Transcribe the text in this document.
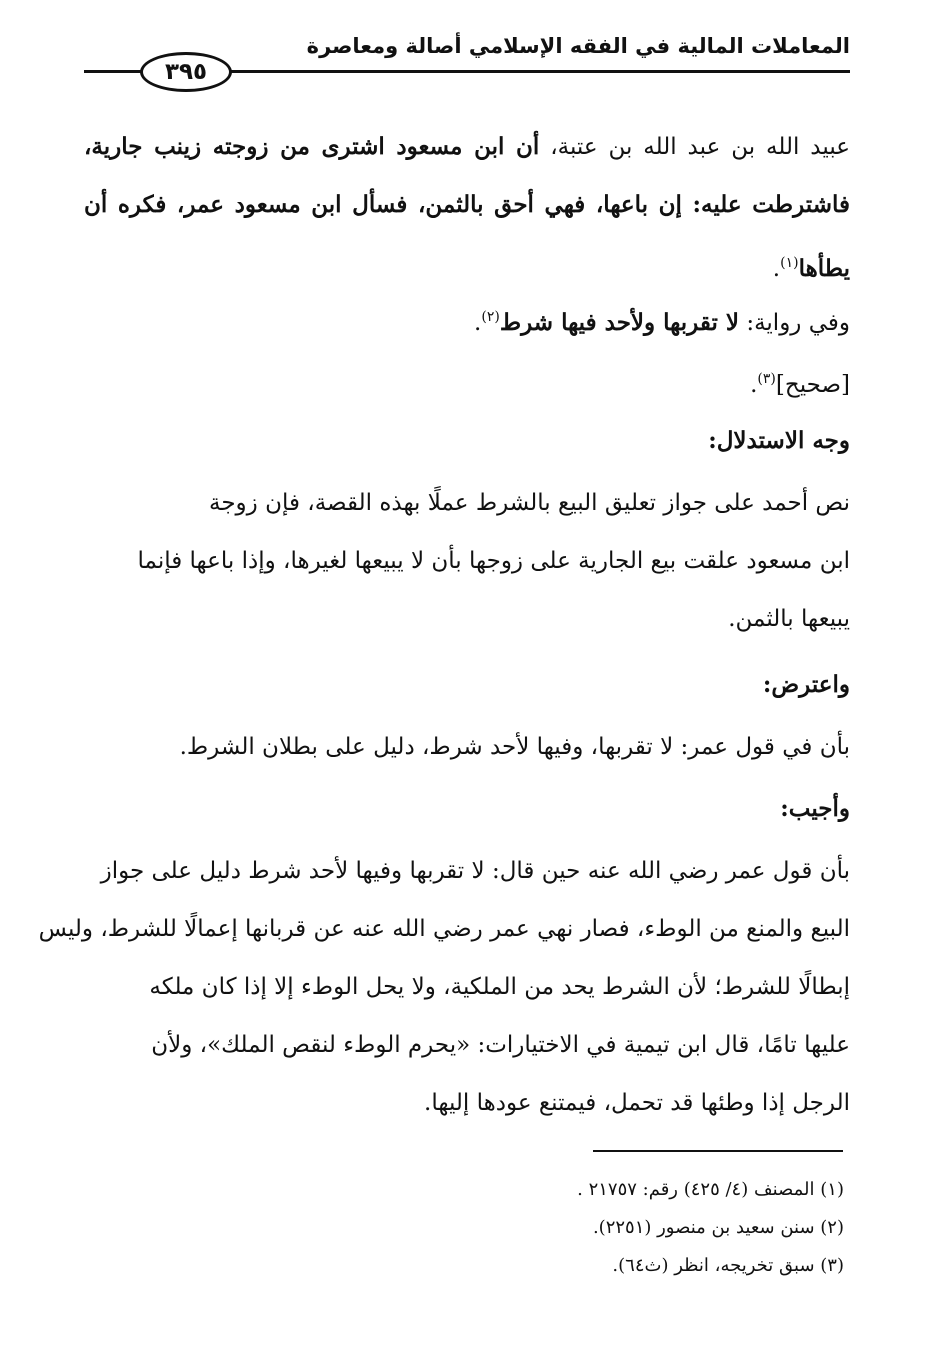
المعاملات المالية في الفقه الإسلامي أصالة ومعاصرة
٣٩٥
عبيد الله بن عبد الله بن عتبة، أن ابن مسعود اشترى من زوجته زينب جارية، فاشترطت عليه: إن باعها، فهي أحق بالثمن، فسأل ابن مسعود عمر، فكره أن يطأها$^{(١)}$.
وفي رواية: لا تقربها ولأحد فيها شرط$^{(٢)}$.
[صحيح]$^{(٣)}$.
وجه الاستدلال:
نص أحمد على جواز تعليق البيع بالشرط عملًا بهذه القصة، فإن زوجة
ابن مسعود علقت بيع الجارية على زوجها بأن لا يبيعها لغيرها، وإذا باعها فإنما
يبيعها بالثمن.
واعترض:
بأن في قول عمر: لا تقربها، وفيها لأحد شرط، دليل على بطلان الشرط.
وأجيب:
بأن قول عمر رضي الله عنه حين قال: لا تقربها وفيها لأحد شرط دليل على جواز
البيع والمنع من الوطء، فصار نهي عمر رضي الله عنه عن قربانها إعمالًا للشرط، وليس
إبطالًا للشرط؛ لأن الشرط يحد من الملكية، ولا يحل الوطء إلا إذا كان ملكه
عليها تامًا، قال ابن تيمية في الاختيارات: «يحرم الوطء لنقص الملك»، ولأن
الرجل إذا وطئها قد تحمل، فيمتنع عودها إليها.
(١) المصنف (٤/ ٤٢٥) رقم: ٢١٧٥٧ .
(٢) سنن سعيد بن منصور (٢٢٥١).
(٣) سبق تخريجه، انظر (ث٦٤).
